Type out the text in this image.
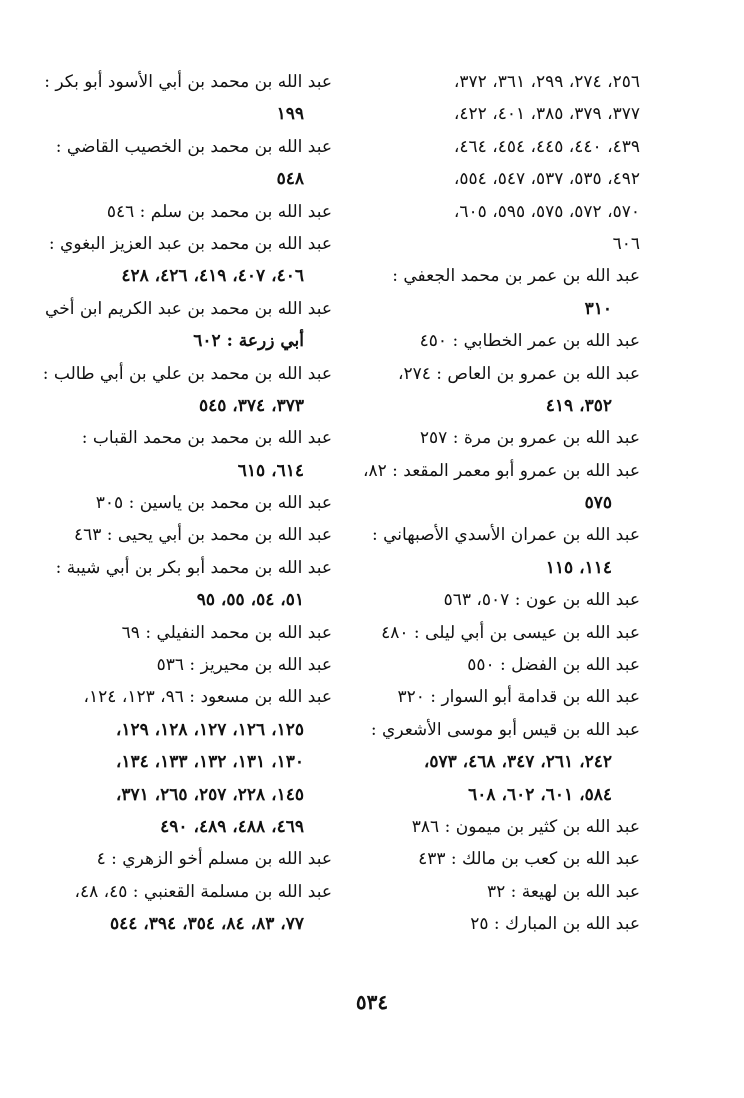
٢٥٦، ٢٧٤، ٢٩٩، ٣٦١، ٣٧٢،
٣٧٧، ٣٧٩، ٣٨٥، ٤٠١، ٤٢٢،
٤٣٩، ٤٤٠، ٤٤٥، ٤٥٤، ٤٦٤،
٤٩٢، ٥٣٥، ٥٣٧، ٥٤٧، ٥٥٤،
٥٧٠، ٥٧٢، ٥٧٥، ٥٩٥، ٦٠٥،
٦٠٦
عبد الله بن عمر بن محمد الجعفي :
٣١٠
عبد الله بن عمر الخطابي : ٤٥٠
عبد الله بن عمرو بن العاص : ٢٧٤،
٣٥٢، ٤١٩
عبد الله بن عمرو بن مرة : ٢٥٧
عبد الله بن عمرو أبو معمر المقعد : ٨٢،
٥٧٥
عبد الله بن عمران الأسدي الأصبهاني :
١١٤، ١١٥
عبد الله بن عون : ٥٠٧، ٥٦٣
عبد الله بن عيسى بن أبي ليلى : ٤٨٠
عبد الله بن الفضل : ٥٥٠
عبد الله بن قدامة أبو السوار : ٣٢٠
عبد الله بن قيس أبو موسى الأشعري :
٢٤٢، ٢٦١، ٣٤٧، ٤٦٨، ٥٧٣،
٥٨٤، ٦٠١، ٦٠٢، ٦٠٨
عبد الله بن كثير بن ميمون : ٣٨٦
عبد الله بن كعب بن مالك : ٤٣٣
عبد الله بن لهيعة : ٣٢
عبد الله بن المبارك : ٢٥
عبد الله بن محمد بن أبي الأسود أبو بكر :
١٩٩
عبد الله بن محمد بن الخصيب القاضي :
٥٤٨
عبد الله بن محمد بن سلم : ٥٤٦
عبد الله بن محمد بن عبد العزيز البغوي :
٤٠٦، ٤٠٧، ٤١٩، ٤٢٦، ٤٢٨
عبد الله بن محمد بن عبد الكريم ابن أخي
أبي زرعة : ٦٠٢
عبد الله بن محمد بن علي بن أبي طالب :
٣٧٣، ٣٧٤، ٥٤٥
عبد الله بن محمد بن محمد القباب :
٦١٤، ٦١٥
عبد الله بن محمد بن ياسين : ٣٠٥
عبد الله بن محمد بن أبي يحيى : ٤٦٣
عبد الله بن محمد أبو بكر بن أبي شيبة :
٥١، ٥٤، ٥٥، ٩٥
عبد الله بن محمد النفيلي : ٦٩
عبد الله بن محيريز : ٥٣٦
عبد الله بن مسعود : ٩٦، ١٢٣، ١٢٤،
١٢٥، ١٢٦، ١٢٧، ١٢٨، ١٢٩،
١٣٠، ١٣١، ١٣٢، ١٣٣، ١٣٤،
١٤٥، ٢٢٨، ٢٥٧، ٢٦٥، ٣٧١،
٤٦٩، ٤٨٨، ٤٨٩، ٤٩٠
عبد الله بن مسلم أخو الزهري : ٤
عبد الله بن مسلمة القعنبي : ٤٥، ٤٨،
٧٧، ٨٣، ٨٤، ٣٥٤، ٣٩٤، ٥٤٤
٥٣٤
